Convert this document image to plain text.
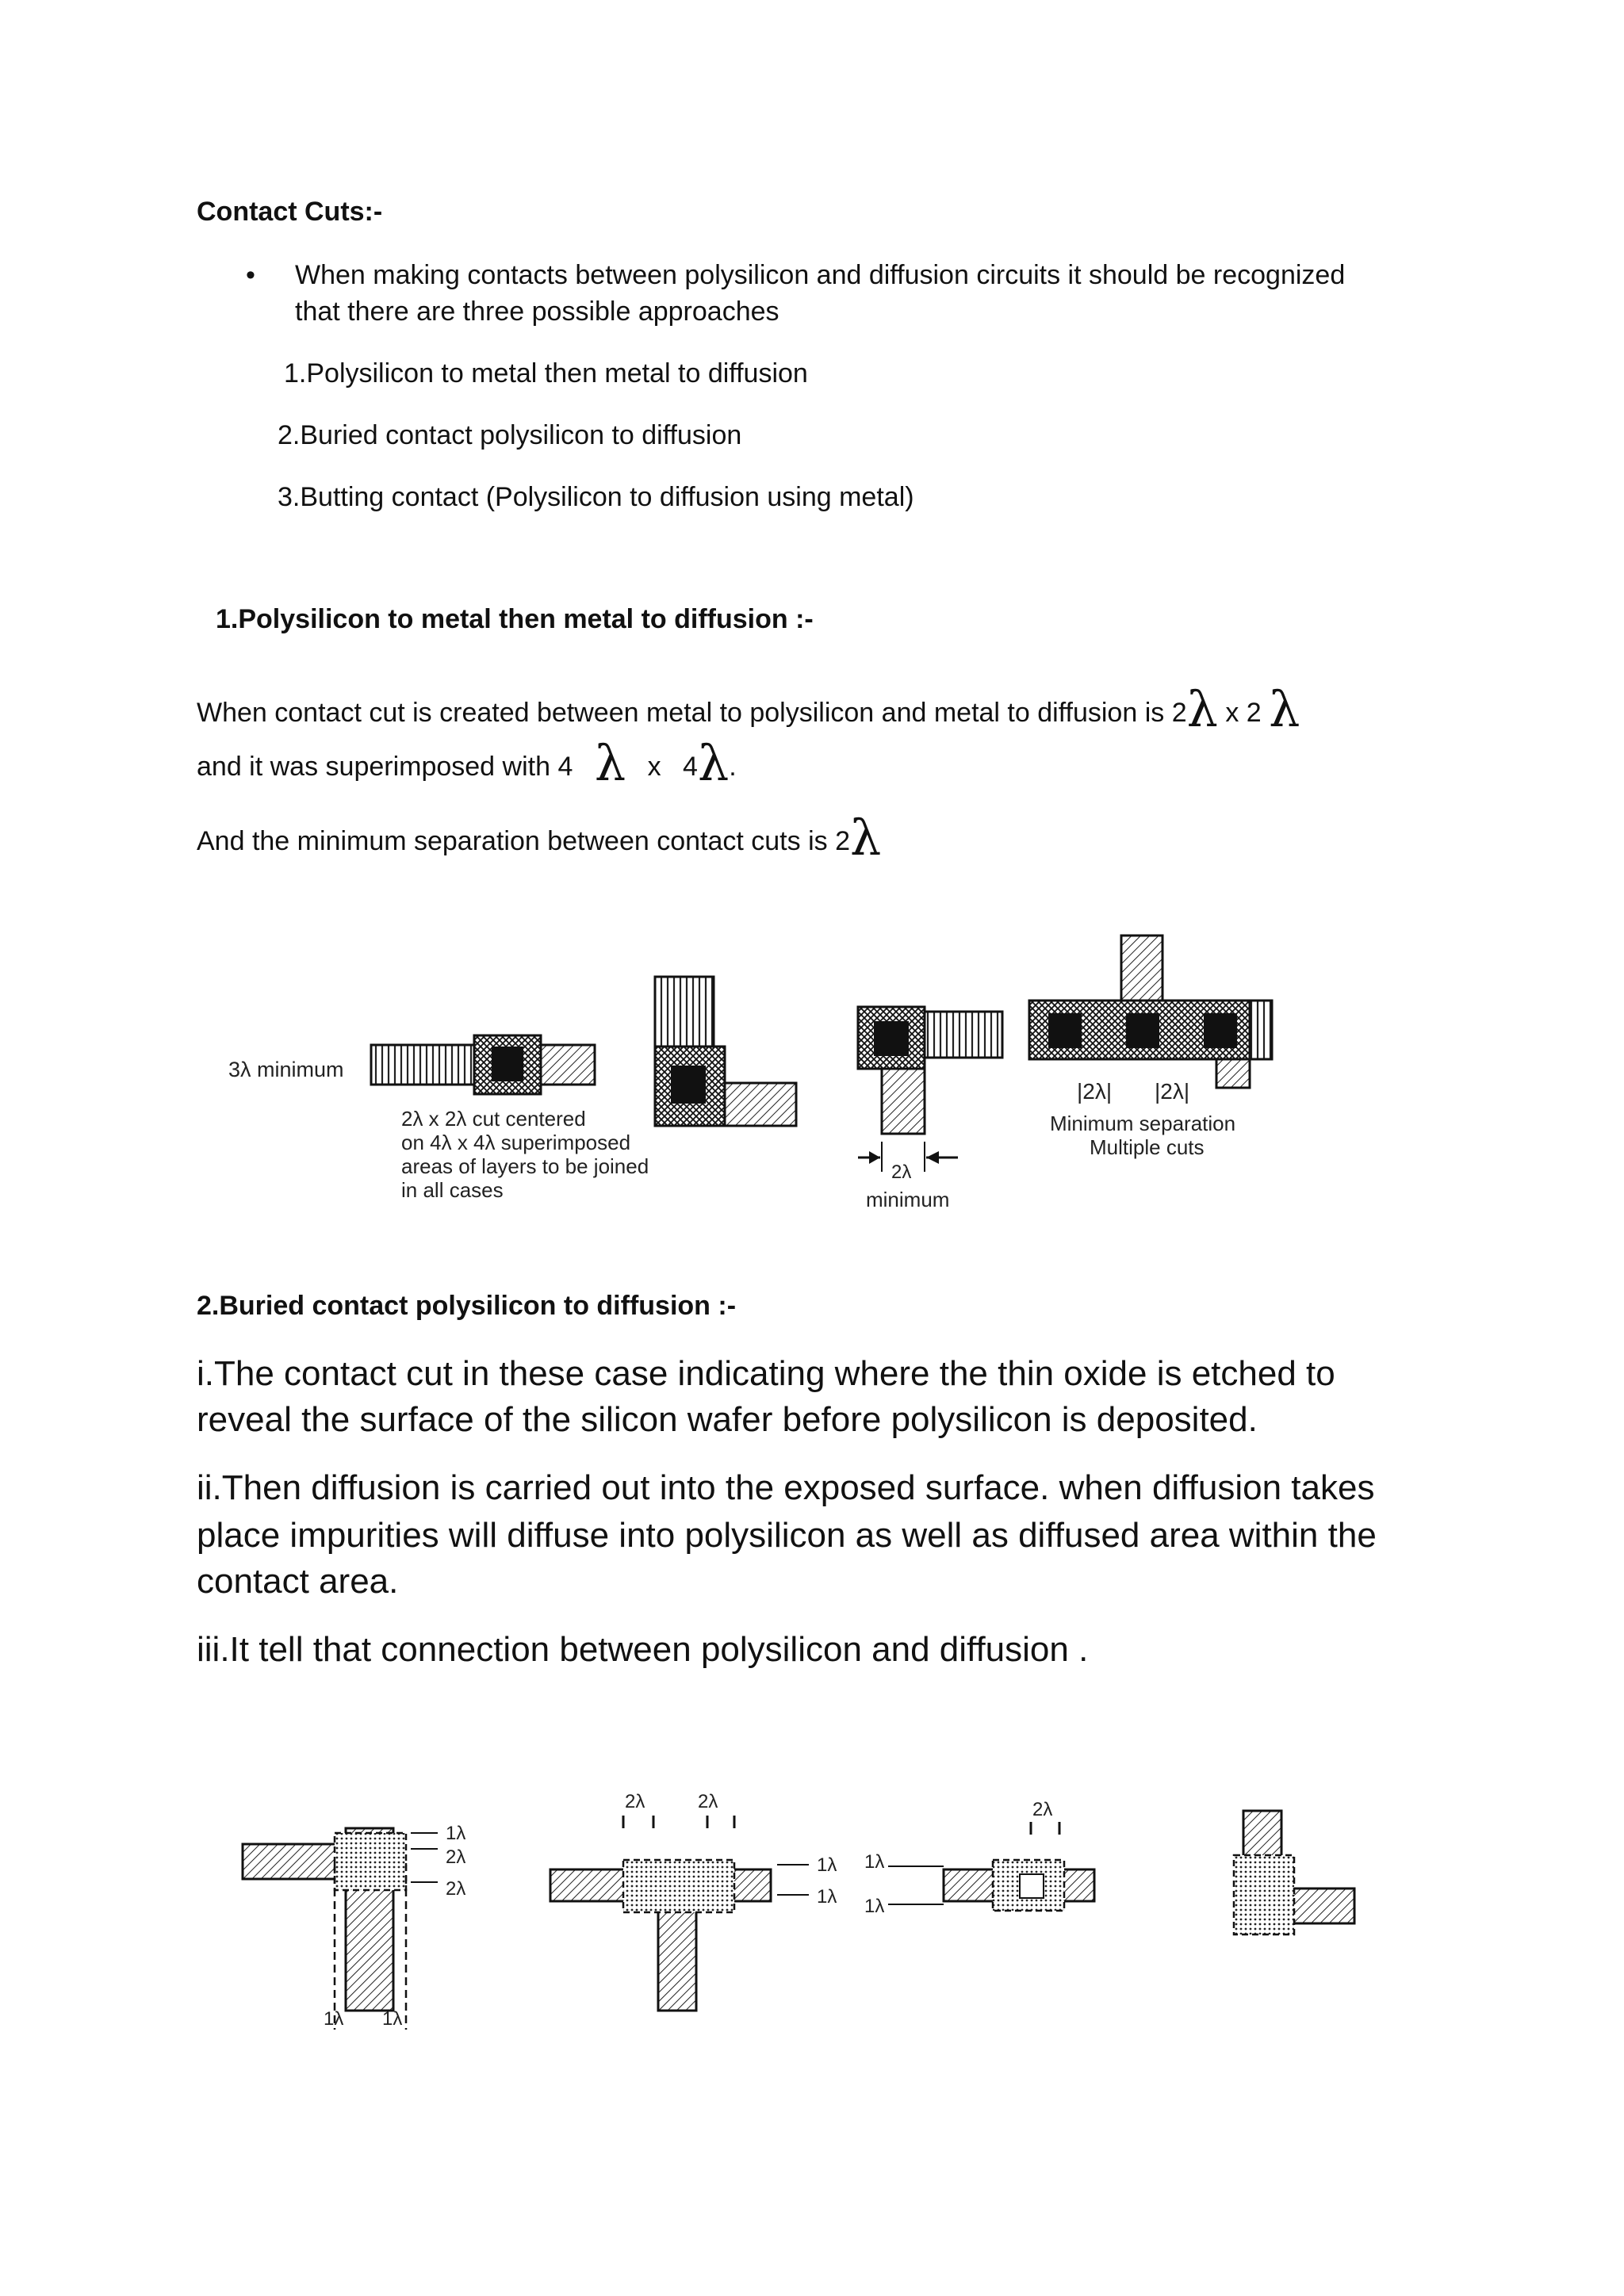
Contact Cuts:-
• When making contacts between polysilicon and diffusion circuits it should be recognized
that there are three possible approaches
1.Polysilicon to metal then metal to diffusion
2.Buried contact polysilicon to diffusion
3.Butting contact (Polysilicon to diffusion using metal)
1.Polysilicon to metal then metal to diffusion :-
When contact cut is created between metal to polysilicon and metal to diffusion is 2λ x 2 λ
and it was superimposed with 4 λ x 4λ.
And the minimum separation between contact cuts is 2λ
3λ minimum
2λ x 2λ cut centered
on 4λ x 4λ superimposed
areas of layers to be joined
in all cases
2λ
minimum
|2λ| |2λ|
Minimum separation
Multiple cuts
2.Buried contact polysilicon to diffusion :-
i.The contact cut in these case indicating where the thin oxide is etched to
reveal the surface of the silicon wafer before polysilicon is deposited.
ii.Then diffusion is carried out into the exposed surface. when diffusion takes
place impurities will diffuse into polysilicon as well as diffused area within the
contact area.
iii.It tell that connection between polysilicon and diffusion .
1λ
2λ
2λ
1λ 1λ
2λ	2λ
1λ
1λ
1λ
1λ
2λ
